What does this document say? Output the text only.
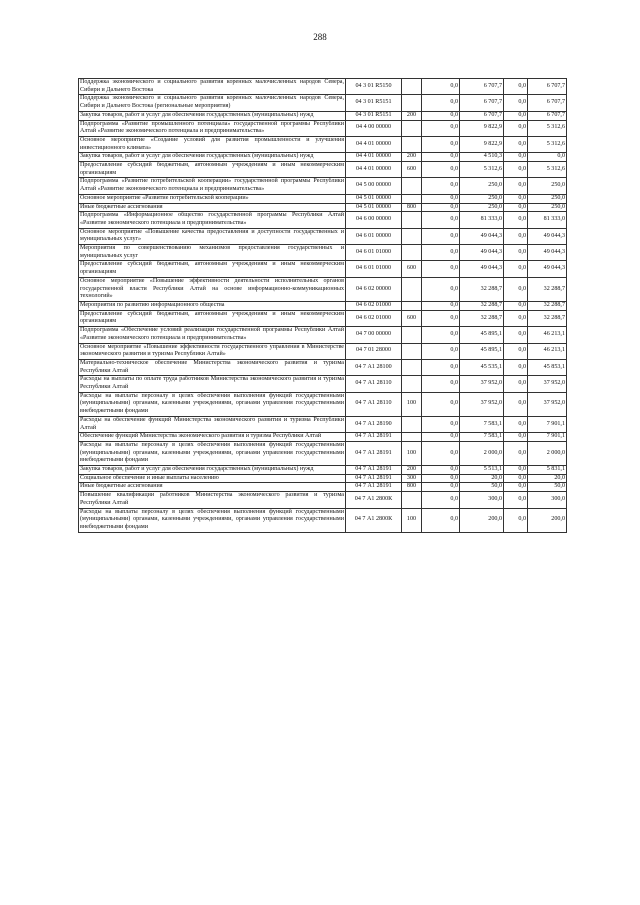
288
Поддержка экономического и социального развития коренных малочисленных народов Севера, Сибири и Дальнего Востока	04 3 01 R5150		0,0	6 707,7	0,0	6 707,7
Поддержка экономического и социального развития коренных малочисленных народов Севера, Сибири и Дальнего Востока (региональные мероприятия)	04 3 01 R5151		0,0	6 707,7	0,0	6 707,7
Закупка товаров, работ и услуг для обеспечения государственных (муниципальных) нужд	04 3 01 R5151	200	0,0	6 707,7	0,0	6 707,7
Подпрограмма «Развитие промышленного потенциала» государственной программы Республики Алтай «Развитие экономического потенциала и предпринимательства»	04 4 00 00000		0,0	9 822,9	0,0	5 312,6
Основное мероприятие «Создание условий для развития промышленности и улучшения инвестиционного климата»	04 4 01 00000		0,0	9 822,9	0,0	5 312,6
Закупка товаров, работ и услуг для обеспечения государственных (муниципальных) нужд	04 4 01 00000	200	0,0	4 510,3	0,0	0,0
Предоставление субсидий бюджетным, автономным учреждениям и иным некоммерческим организациям	04 4 01 00000	600	0,0	5 312,6	0,0	5 312,6
Подпрограмма «Развитие потребительской кооперации» государственной программы Республики Алтай «Развитие экономического потенциала и предпринимательства»	04 5 00 00000		0,0	250,0	0,0	250,0
Основное мероприятие «Развитие потребительской кооперации»	04 5 01 00000		0,0	250,0	0,0	250,0
Иные бюджетные ассигнования	04 5 01 00000	800	0,0	250,0	0,0	250,0
Подпрограмма «Информационное общество государственной программы Республики Алтай «Развитие экономического потенциала и предпринимательства»	04 6 00 00000		0,0	81 333,0	0,0	81 333,0
Основное мероприятие «Повышение качества предоставления и доступности государственных и муниципальных услуг»	04 6 01 00000		0,0	49 044,3	0,0	49 044,3
Мероприятия по совершенствованию механизмов предоставления государственных и муниципальных услуг	04 6 01 01000		0,0	49 044,3	0,0	49 044,3
Предоставление субсидий бюджетным, автономным учреждениям и иным некоммерческим организациям	04 6 01 01000	600	0,0	49 044,3	0,0	49 044,3
Основное мероприятие «Повышение эффективности деятельности исполнительных органов государственной власти Республики Алтай на основе информационно-коммуникационных технологий»	04 6 02 00000		0,0	32 288,7	0,0	32 288,7
Мероприятия по развитию информационного общества	04 6 02 01000		0,0	32 288,7	0,0	32 288,7
Предоставление субсидий бюджетным, автономным учреждениям и иным некоммерческим организациям	04 6 02 01000	600	0,0	32 288,7	0,0	32 288,7
Подпрограмма «Обеспечение условий реализации государственной программы Республики Алтай «Развитие экономического потенциала и предпринимательства»	04 7 00 00000		0,0	45 895,1	0,0	46 213,1
Основное мероприятие «Повышение эффективности государственного управления в Министерстве экономического развития и туризма Республики Алтай»	04 7 01 28000		0,0	45 895,1	0,0	46 213,1
Материально-техническое обеспечение Министерства экономического развития и туризма Республики Алтай	04 7 А1 28100		0,0	45 535,1	0,0	45 853,1
Расходы на выплаты по оплате труда работников Министерства экономического развития и туризма Республики Алтай	04 7 А1 28110		0,0	37 952,0	0,0	37 952,0
Расходы на выплаты персоналу в целях обеспечения выполнения функций государственными (муниципальными) органами, казенными учреждениями, органами управления государственными внебюджетными фондами	04 7 А1 28110	100	0,0	37 952,0	0,0	37 952,0
Расходы на обеспечение функций Министерства экономического развития и туризма Республики Алтай	04 7 А1 28190		0,0	7 583,1	0,0	7 901,1
Обеспечение функций Министерства экономического развития и туризма Республики Алтай	04 7 А1 28191		0,0	7 583,1	0,0	7 901,1
Расходы на выплаты персоналу в целях обеспечения выполнения функций государственными (муниципальными) органами, казенными учреждениями, органами управления государственными внебюджетными фондами	04 7 А1 28191	100	0,0	2 000,0	0,0	2 000,0
Закупка товаров, работ и услуг для обеспечения государственных (муниципальных) нужд	04 7 А1 28191	200	0,0	5 513,1	0,0	5 831,1
Социальное обеспечение и иные выплаты населению	04 7 А1 28191	300	0,0	20,0	0,0	20,0
Иные бюджетные ассигнования	04 7 А1 28191	800	0,0	50,0	0,0	50,0
Повышение квалификации работников Министерства экономического развития и туризма Республики Алтай	04 7 А1 2800К		0,0	300,0	0,0	300,0
Расходы на выплаты персоналу в целях обеспечения выполнения функций государственными (муниципальными) органами, казенными учреждениями, органами управления государственными внебюджетными фондами	04 7 А1 2800К	100	0,0	200,0	0,0	200,0
